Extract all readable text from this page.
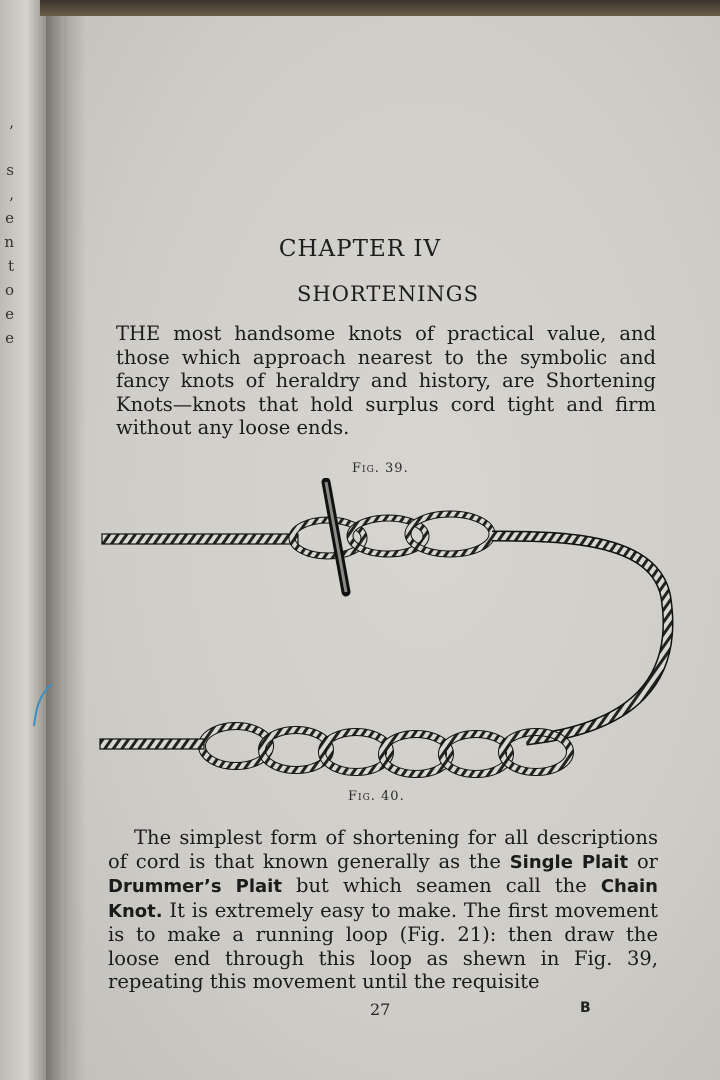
,

s
,
e
n
t
o
e
e
CHAPTER IV
SHORTENINGS
THE most handsome knots of practical value, and those which approach nearest to the symbolic and fancy knots of heraldry and history, are Shortening Knots—knots that hold surplus cord tight and firm without any loose ends.
Fig. 39.
Fig. 40.
The simplest form of shortening for all descriptions of cord is that known generally as the Single Plait or Drummer’s Plait but which seamen call the Chain Knot. It is extremely easy to make. The first movement is to make a running loop (Fig. 21): then draw the loose end through this loop as shewn in Fig. 39, repeating this movement until the requisite
27	B
